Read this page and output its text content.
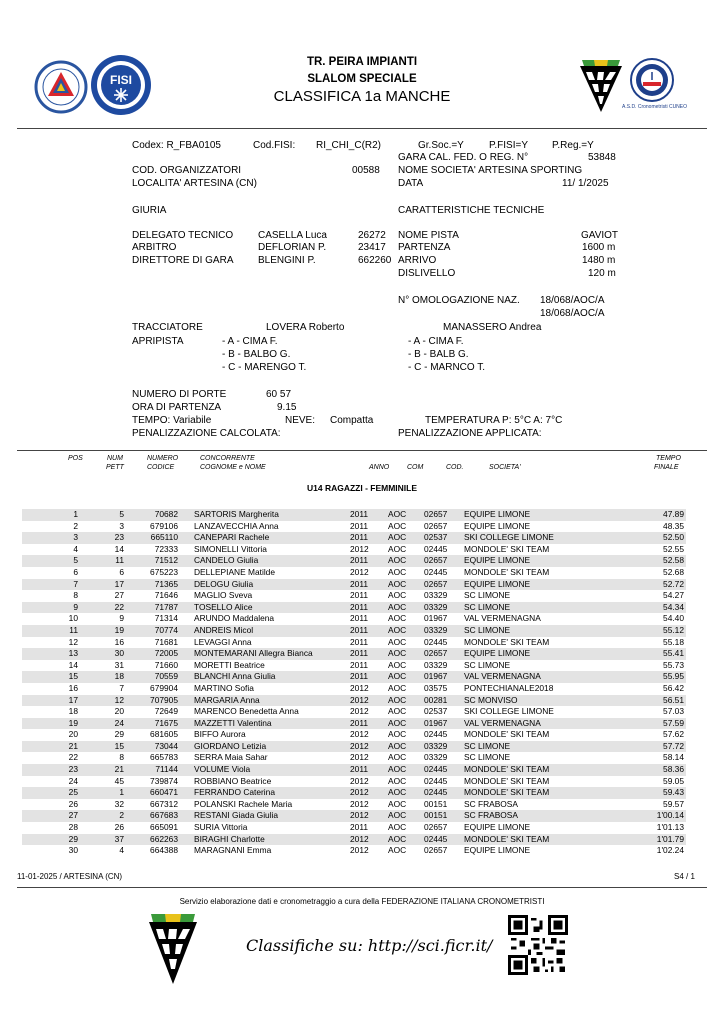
FISI
A.S.D. Cronometristi CUNEO
TR. PEIRA IMPIANTI
SLALOM SPECIALE
CLASSIFICA 1a MANCHE
Codex: R_FBA0105	Cod.FISI: RI_CHI_C(R2)	Gr.Soc.=Y	P.FISI=Y P.Reg.=Y
GARA CAL. FED. O REG. N°	53848
COD. ORGANIZZATORI	00588 NOME SOCIETA' ARTESINA SPORTING
LOCALITA' ARTESINA (CN)	DATA	11/ 1/2025
GIURIA	CARATTERISTICHE TECNICHE
DELEGATO TECNICO CASELLA Luca	26272 NOME PISTA	GAVIOT
ARBITRO	DEFLORIAN P.	23417 PARTENZA	1600 m
DIRETTORE DI GARA BLENGINI P.	662260 ARRIVO	1480 m
DISLIVELLO	120 m
N° OMOLOGAZIONE NAZ. 18/068/AOC/A
18/068/AOC/A
TRACCIATORE	LOVERA Roberto	MANASSERO Andrea
APRIPISTA	- A - CIMA F.	- A - CIMA F.
- B - BALBO G.	- B - BALB G.
- C - MARENGO T.	- C - MARNCO T.
NUMERO DI PORTE	60 57
ORA DI PARTENZA	9.15
TEMPO: Variabile	NEVE: Compatta	TEMPERATURA P: 5°C A: 7°C
PENALIZZAZIONE CALCOLATA:	PENALIZZAZIONE APPLICATA:
POS	NUM
PETT
NUMERO
CODICE
CONCORRENTE
COGNOME e NOME	ANNO	COM	COD.	SOCIETA'
TEMPO
FINALE
U14 RAGAZZI - FEMMINILE
1	5	70682	SARTORIS Margherita	2011	AOC	02657	EQUIPE LIMONE	47.89
2	3	679106	LANZAVECCHIA Anna	2011	AOC	02657	EQUIPE LIMONE	48.35
3	23	665110	CANEPARI Rachele	2011	AOC	02537	SKI COLLEGE LIMONE	52.50
4	14	72333	SIMONELLI Vittoria	2012	AOC	02445	MONDOLE' SKI TEAM	52.55
5	11	71512	CANDELO Giulia	2011	AOC	02657	EQUIPE LIMONE	52.58
6	6	675223	DELLEPIANE Matilde	2012	AOC	02445	MONDOLE' SKI TEAM	52.68
7	17	71365	DELOGU Giulia	2011	AOC	02657	EQUIPE LIMONE	52.72
8	27	71646	MAGLIO Sveva	2011	AOC	03329	SC LIMONE	54.27
9	22	71787	TOSELLO Alice	2011	AOC	03329	SC LIMONE	54.34
10	9	71314	ARUNDO Maddalena	2011	AOC	01967	VAL VERMENAGNA	54.40
11	19	70774	ANDREIS Micol	2011	AOC	03329	SC LIMONE	55.12
12	16	71681	LEVAGGI Anna	2011	AOC	02445	MONDOLE' SKI TEAM	55.18
13	30	72005	MONTEMARANI Allegra Bianca	2011	AOC	02657	EQUIPE LIMONE	55.41
14	31	71660	MORETTI Beatrice	2011	AOC	03329	SC LIMONE	55.73
15	18	70559	BLANCHI Anna Giulia	2011	AOC	01967	VAL VERMENAGNA	55.95
16	7	679904	MARTINO Sofia	2012	AOC	03575	PONTECHIANALE2018	56.42
17	12	707905	MARGARIA Anna	2012	AOC	00281	SC MONVISO	56.51
18	20	72649	MARENCO Benedetta Anna	2012	AOC	02537	SKI COLLEGE LIMONE	57.03
19	24	71675	MAZZETTI Valentina	2011	AOC	01967	VAL VERMENAGNA	57.59
20	29	681605	BIFFO Aurora	2012	AOC	02445	MONDOLE' SKI TEAM	57.62
21	15	73044	GIORDANO Letizia	2012	AOC	03329	SC LIMONE	57.72
22	8	665783	SERRA Maia Sahar	2012	AOC	03329	SC LIMONE	58.14
23	21	71144	VOLUME Viola	2011	AOC	02445	MONDOLE' SKI TEAM	58.36
24	45	739874	ROBBIANO Beatrice	2012	AOC	02445	MONDOLE' SKI TEAM	59.05
25	1	660471	FERRANDO Caterina	2012	AOC	02445	MONDOLE' SKI TEAM	59.43
26	32	667312	POLANSKI Rachele Maria	2012	AOC	00151	SC FRABOSA	59.57
27	2	667683	RESTANI Giada Giulia	2012	AOC	00151	SC FRABOSA	1'00.14
28	26	665091	SURIA Vittoria	2011	AOC	02657	EQUIPE LIMONE	1'01.13
29	37	662263	BIRAGHI Charlotte	2012	AOC	02445	MONDOLE' SKI TEAM	1'01.79
30	4	664388	MARAGNANI Emma	2012	AOC	02657	EQUIPE LIMONE	1'02.24
11-01-2025 / ARTESINA (CN)	S4 / 1
Servizio elaborazione dati e cronometraggio a cura della FEDERAZIONE ITALIANA CRONOMETRISTI
Classifiche su: http://sci.ficr.it/
